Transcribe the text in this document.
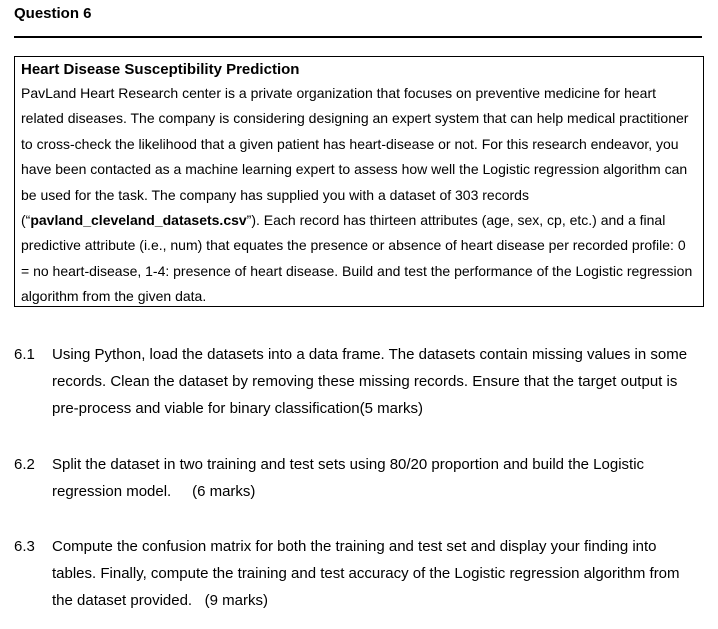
Question 6

Heart Disease Susceptibility Prediction

PavLand Heart Research center is a private organization that focuses on preventive medicine for heart related diseases. The company is considering designing an expert system that can help medical practitioner to cross-check the likelihood that a given patient has heart-disease or not. For this research endeavor, you have been contacted as a machine learning expert to assess how well the Logistic regression algorithm can be used for the task. The company has supplied you with a dataset of 303 records (“pavland_cleveland_datasets.csv”). Each record has thirteen attributes (age, sex, cp, etc.) and a final predictive attribute (i.e., num) that equates the presence or absence of heart disease per recorded profile: 0 = no heart-disease, 1-4: presence of heart disease. Build and test the performance of the Logistic regression algorithm from the given data.

6.1 Using Python, load the datasets into a data frame. The datasets contain missing values in some records. Clean the dataset by removing these missing records. Ensure that the target output is pre-process and viable for binary classification(5 marks)
6.2 Split the dataset in two training and test sets using 80/20 proportion and build the Logistic regression model. (6 marks)
6.3 Compute the confusion matrix for both the training and test set and display your finding into tables. Finally, compute the training and test accuracy of the Logistic regression algorithm from the dataset provided. (9 marks)
